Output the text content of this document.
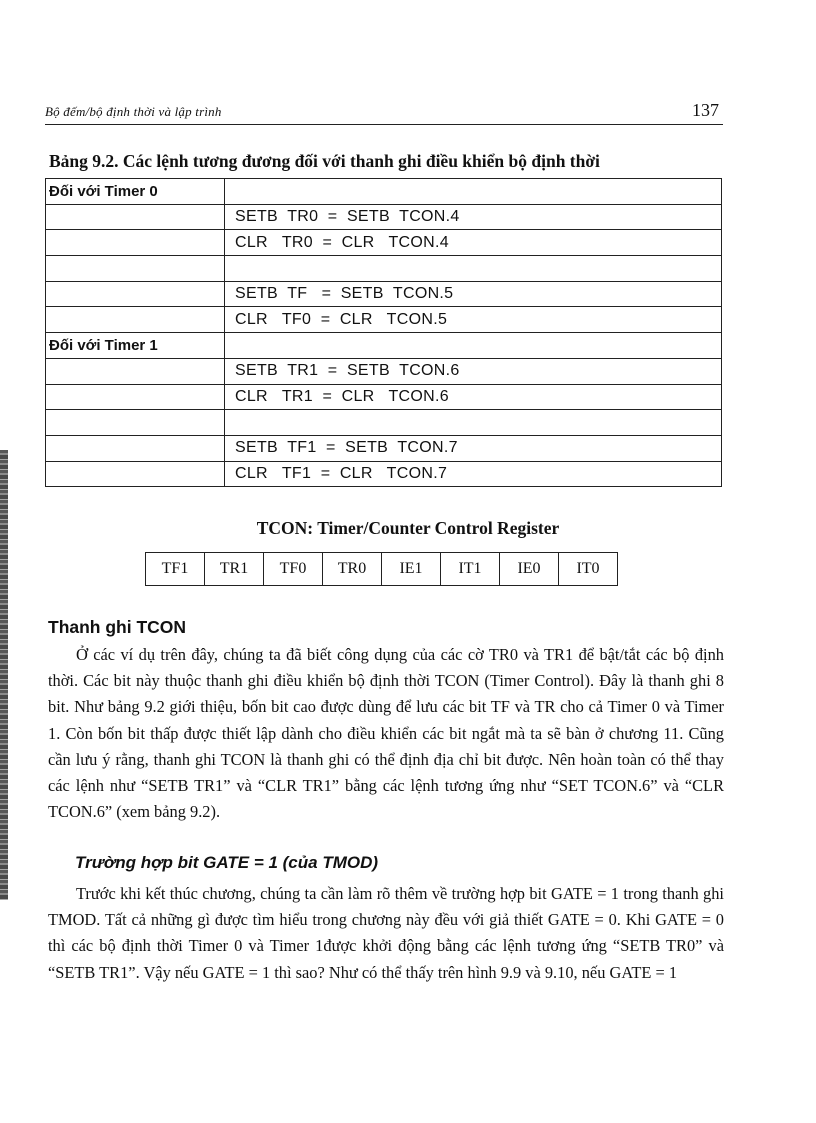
Bộ đếm/bộ định thời và lập trình	137
Bảng 9.2. Các lệnh tương đương đối với thanh ghi điều khiển bộ định thời
Đối với Timer 0	
	SETB  TR0  =  SETB  TCON.4
	CLR   TR0  =  CLR   TCON.4

	SETB  TF   =  SETB  TCON.5
	CLR   TF0  =  CLR   TCON.5
Đối với Timer 1	
	SETB  TR1  =  SETB  TCON.6
	CLR   TR1  =  CLR   TCON.6

	SETB  TF1  =  SETB  TCON.7
	CLR   TF1  =  CLR   TCON.7
TCON: Timer/Counter Control Register
TF1	TR1	TF0	TR0	IE1	IT1	IE0	IT0
Thanh ghi TCON

Ở các ví dụ trên đây, chúng ta đã biết công dụng của các cờ TR0 và TR1 để bật/tắt các bộ định thời. Các bit này thuộc thanh ghi điều khiển bộ định thời TCON (Timer Control). Đây là thanh ghi 8 bit. Như bảng 9.2 giới thiệu, bốn bit cao được dùng để lưu các bit TF và TR cho cả Timer 0 và Timer 1. Còn bốn bit thấp được thiết lập dành cho điều khiển các bit ngắt mà ta sẽ bàn ở chương 11. Cũng cần lưu ý rằng, thanh ghi TCON là thanh ghi có thể định địa chỉ bit được. Nên hoàn toàn có thể thay các lệnh như “SETB TR1” và “CLR TR1” bằng các lệnh tương ứng như “SET TCON.6” và “CLR TCON.6” (xem bảng 9.2).

Trường hợp bit GATE = 1 (của TMOD)

Trước khi kết thúc chương, chúng ta cần làm rõ thêm về trường hợp bit GATE = 1 trong thanh ghi TMOD. Tất cả những gì được tìm hiểu trong chương này đều với giả thiết GATE = 0. Khi GATE = 0 thì các bộ định thời Timer 0 và Timer 1được khởi động bằng các lệnh tương ứng “SETB TR0” và “SETB TR1”. Vậy nếu GATE = 1 thì sao? Như có thể thấy trên hình 9.9 và 9.10, nếu GATE = 1
